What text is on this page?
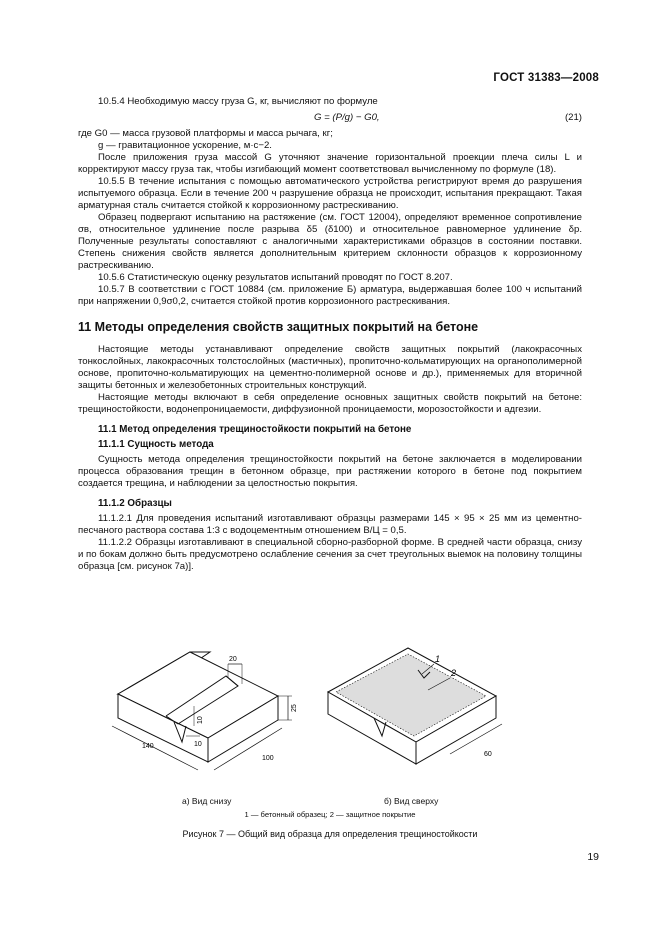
ГОСТ 31383—2008

10.5.4 Необходимую массу груза G, кг, вычисляют по формуле

G = (P/g) − G0,	(21)

где G0 — масса грузовой платформы и масса рычага, кг;

g — гравитационное ускорение, м·с−2.

После приложения груза массой G уточняют значение горизонтальной проекции плеча силы L и корректируют массу груза так, чтобы изгибающий момент соответствовал вычисленному по формуле (18).

10.5.5 В течение испытания с помощью автоматического устройства регистрируют время до разрушения испытуемого образца. Если в течение 200 ч разрушение образца не происходит, испытания прекращают. Такая арматурная сталь считается стойкой к коррозионному растрескиванию.

Образец подвергают испытанию на растяжение (см. ГОСТ 12004), определяют временное сопротивление σв, относительное удлинение после разрыва δ5 (δ100) и относительное равномерное удлинение δр. Полученные результаты сопоставляют с аналогичными характеристиками образцов в состоянии поставки. Степень снижения свойств является дополнительным критерием склонности образцов к коррозионному растрескиванию.

10.5.6 Статистическую оценку результатов испытаний проводят по ГОСТ 8.207.

10.5.7 В соответствии с ГОСТ 10884 (см. приложение Б) арматура, выдержавшая более 100 ч испытаний при напряжении 0,9σ0,2, считается стойкой против коррозионного растрескивания.

11 Методы определения свойств защитных покрытий на бетоне

Настоящие методы устанавливают определение свойств защитных покрытий (лакокрасочных тонкослойных, лакокрасочных толстослойных (мастичных), пропиточно-кольматирующих на органополимерной основе, пропиточно-кольматирующих на цементно-полимерной основе и др.), применяемых для вторичной защиты бетонных и железобетонных строительных конструкций.

Настоящие методы включают в себя определение основных защитных свойств покрытий на бетоне: трещиностойкости, водонепроницаемости, диффузионной проницаемости, морозостойкости и адгезии.

11.1 Метод определения трещиностойкости покрытий на бетоне
11.1.1 Сущность метода

Сущность метода определения трещиностойкости покрытий на бетоне заключается в моделировании процесса образования трещин в бетонном образце, при растяжении которого в бетоне под покрытием создается трещина, и наблюдении за целостностью покрытия.

11.1.2 Образцы

11.1.2.1 Для проведения испытаний изготавливают образцы размерами 145 × 95 × 25 мм из цементно-песчаного раствора состава 1:3 с водоцементным отношением В/Ц = 0,5.

11.1.2.2 Образцы изготавливают в специальной сборно-разборной форме. В средней части образца, снизу и по бокам должно быть предусмотрено ослабление сечения за счет треугольных выемок на половину толщины образца [см. рисунок 7а)].

20
25
10
10
140
100
1
2
60
а) Вид снизу	б) Вид сверху
1 — бетонный образец; 2 — защитное покрытие
Рисунок 7 — Общий вид образца для определения трещиностойкости
19
